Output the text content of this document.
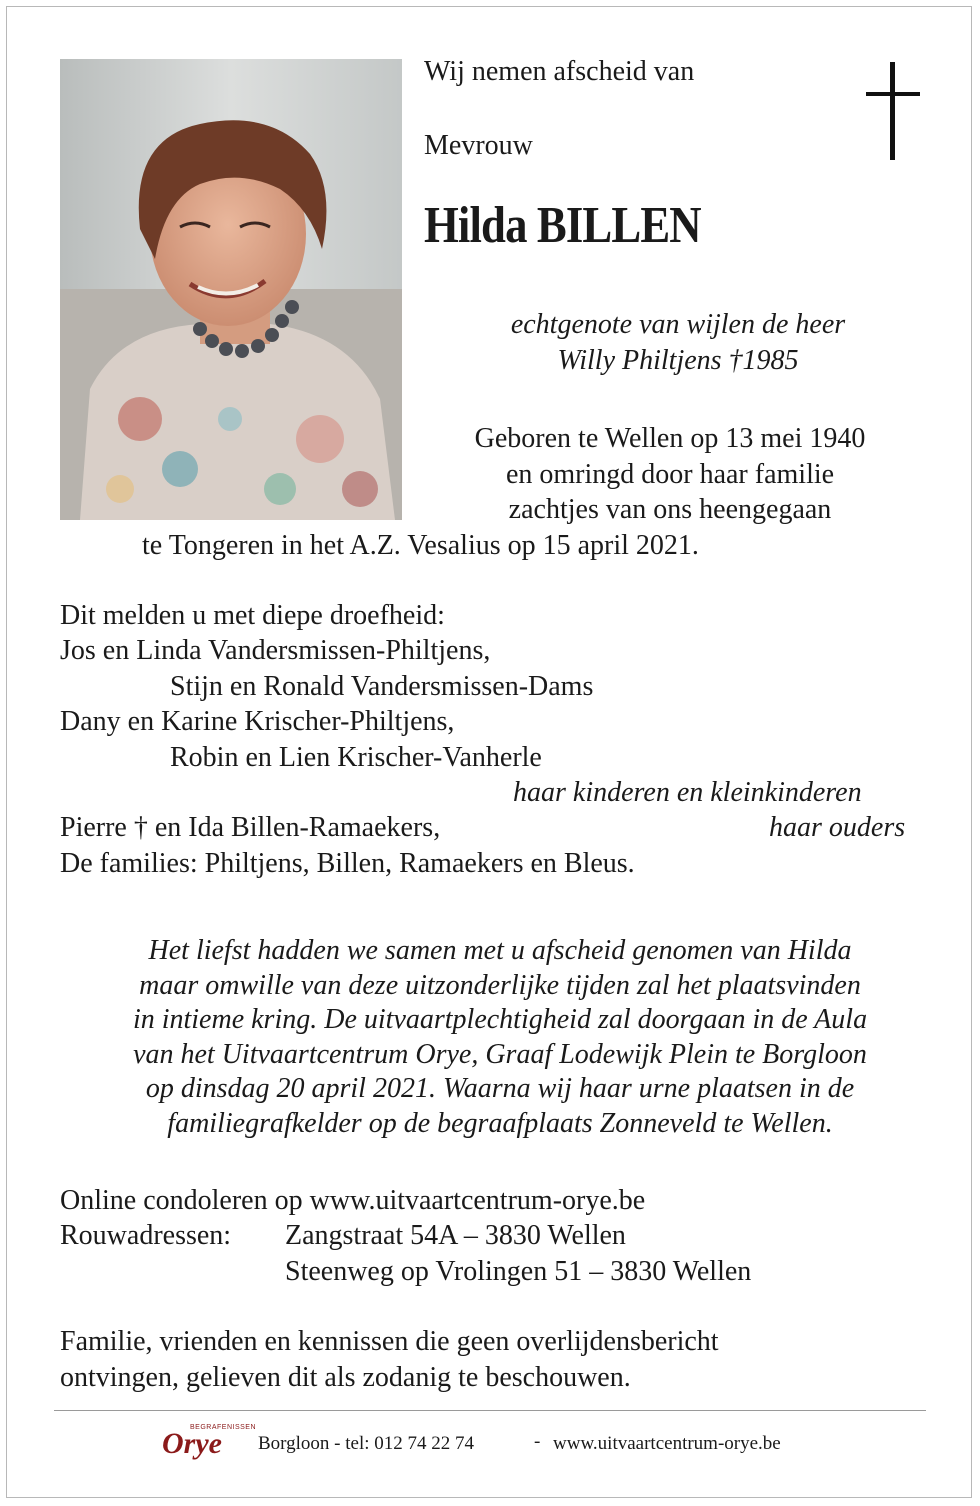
Wij nemen afscheid van
Mevrouw
Hilda BILLEN
echtgenote van wijlen de heer
Willy Philtjens †1985
Geboren te Wellen op 13 mei 1940
en omringd door haar familie
zachtjes van ons heengegaan
te Tongeren in het A.Z. Vesalius op 15 april 2021.
Dit melden u met diepe droefheid:
Jos en Linda Vandersmissen-Philtjens,
Stijn en Ronald Vandersmissen-Dams
Dany en Karine Krischer-Philtjens,
Robin en Lien Krischer-Vanherle
haar kinderen en kleinkinderen
Pierre † en Ida Billen-Ramaekers,	haar ouders
De families: Philtjens, Billen, Ramaekers en Bleus.
Het liefst hadden we samen met u afscheid genomen van Hilda
maar omwille van deze uitzonderlijke tijden zal het plaatsvinden
in intieme kring. De uitvaartplechtigheid zal doorgaan in de Aula
van het Uitvaartcentrum Orye, Graaf Lodewijk Plein te Borgloon
op dinsdag 20 april 2021. Waarna wij haar urne plaatsen in de
familiegrafkelder op de begraafplaats Zonneveld te Wellen.
Online condoleren op www.uitvaartcentrum-orye.be
Rouwadressen: Zangstraat 54A – 3830 Wellen
Steenweg op Vrolingen 51 – 3830 Wellen
Familie, vrienden en kennissen die geen overlijdensbericht
ontvingen, gelieven dit als zodanig te beschouwen.
BEGRAFENISSEN
Orye Borgloon - tel: 012 74 22 74	- www.uitvaartcentrum-orye.be
